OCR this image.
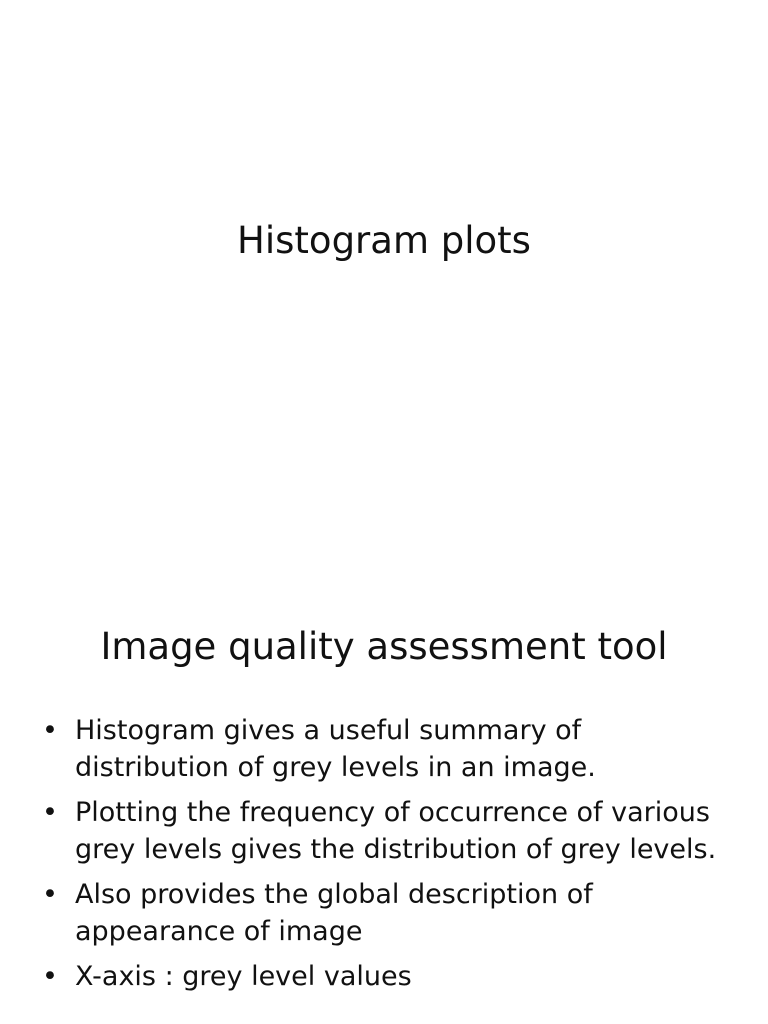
Histogram plots
Image quality assessment tool
• Histogram gives a useful summary of distribution of grey levels in an image.
• Plotting the frequency of occurrence of various grey levels gives the distribution of grey levels.
• Also provides the global description of appearance of image
• X-axis : grey level values
